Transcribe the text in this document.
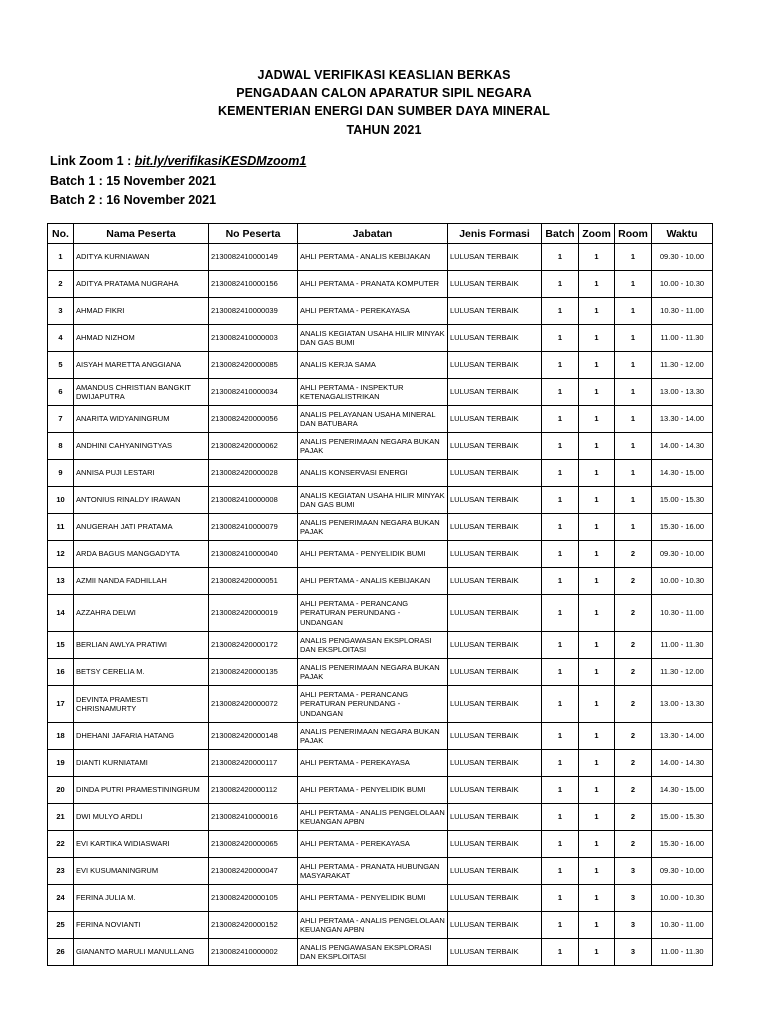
JADWAL VERIFIKASI KEASLIAN BERKAS
PENGADAAN CALON APARATUR SIPIL NEGARA
KEMENTERIAN ENERGI DAN SUMBER DAYA MINERAL
TAHUN 2021
Link Zoom 1 : bit.ly/verifikasiKESDMzoom1
Batch 1 : 15 November 2021
Batch 2 : 16 November 2021
No.	Nama Peserta	No Peserta	Jabatan	Jenis Formasi	Batch	Zoom	Room	Waktu
1	ADITYA KURNIAWAN	2130082410000149	AHLI PERTAMA - ANALIS KEBIJAKAN	LULUSAN TERBAIK	1	1	1	09.30 - 10.00
2	ADITYA PRATAMA NUGRAHA	2130082410000156	AHLI PERTAMA - PRANATA KOMPUTER	LULUSAN TERBAIK	1	1	1	10.00 - 10.30
3	AHMAD FIKRI	2130082410000039	AHLI PERTAMA - PEREKAYASA	LULUSAN TERBAIK	1	1	1	10.30 - 11.00
4	AHMAD NIZHOM	2130082410000003	ANALIS KEGIATAN USAHA HILIR MINYAK DAN GAS BUMI	LULUSAN TERBAIK	1	1	1	11.00 - 11.30
5	AISYAH MARETTA ANGGIANA	2130082420000085	ANALIS KERJA SAMA	LULUSAN TERBAIK	1	1	1	11.30 - 12.00
6	AMANDUS CHRISTIAN BANGKIT DWIJAPUTRA	2130082410000034	AHLI PERTAMA - INSPEKTUR KETENAGALISTRIKAN	LULUSAN TERBAIK	1	1	1	13.00 - 13.30
7	ANARITA WIDYANINGRUM	2130082420000056	ANALIS PELAYANAN USAHA MINERAL DAN BATUBARA	LULUSAN TERBAIK	1	1	1	13.30 - 14.00
8	ANDHINI CAHYANINGTYAS	2130082420000062	ANALIS PENERIMAAN NEGARA BUKAN PAJAK	LULUSAN TERBAIK	1	1	1	14.00 - 14.30
9	ANNISA PUJI LESTARI	2130082420000028	ANALIS KONSERVASI ENERGI	LULUSAN TERBAIK	1	1	1	14.30 - 15.00
10	ANTONIUS RINALDY IRAWAN	2130082410000008	ANALIS KEGIATAN USAHA HILIR MINYAK DAN GAS BUMI	LULUSAN TERBAIK	1	1	1	15.00 - 15.30
11	ANUGERAH JATI PRATAMA	2130082410000079	ANALIS PENERIMAAN NEGARA BUKAN PAJAK	LULUSAN TERBAIK	1	1	1	15.30 - 16.00
12	ARDA BAGUS MANGGADYTA	2130082410000040	AHLI PERTAMA - PENYELIDIK BUMI	LULUSAN TERBAIK	1	1	2	09.30 - 10.00
13	AZMII NANDA FADHILLAH	2130082420000051	AHLI PERTAMA - ANALIS KEBIJAKAN	LULUSAN TERBAIK	1	1	2	10.00 - 10.30
14	AZZAHRA DELWI	2130082420000019	AHLI PERTAMA - PERANCANG PERATURAN PERUNDANG - UNDANGAN	LULUSAN TERBAIK	1	1	2	10.30 - 11.00
15	BERLIAN AWLYA PRATIWI	2130082420000172	ANALIS PENGAWASAN EKSPLORASI DAN EKSPLOITASI	LULUSAN TERBAIK	1	1	2	11.00 - 11.30
16	BETSY CERELIA M.	2130082420000135	ANALIS PENERIMAAN NEGARA BUKAN PAJAK	LULUSAN TERBAIK	1	1	2	11.30 - 12.00
17	DEVINTA PRAMESTI CHRISNAMURTY	2130082420000072	AHLI PERTAMA - PERANCANG PERATURAN PERUNDANG - UNDANGAN	LULUSAN TERBAIK	1	1	2	13.00 - 13.30
18	DHEHANI JAFARIA HATANG	2130082420000148	ANALIS PENERIMAAN NEGARA BUKAN PAJAK	LULUSAN TERBAIK	1	1	2	13.30 - 14.00
19	DIANTI KURNIATAMI	2130082420000117	AHLI PERTAMA - PEREKAYASA	LULUSAN TERBAIK	1	1	2	14.00 - 14.30
20	DINDA PUTRI PRAMESTININGRUM	2130082420000112	AHLI PERTAMA - PENYELIDIK BUMI	LULUSAN TERBAIK	1	1	2	14.30 - 15.00
21	DWI MULYO ARDLI	2130082410000016	AHLI PERTAMA - ANALIS PENGELOLAAN KEUANGAN APBN	LULUSAN TERBAIK	1	1	2	15.00 - 15.30
22	EVI KARTIKA WIDIASWARI	2130082420000065	AHLI PERTAMA - PEREKAYASA	LULUSAN TERBAIK	1	1	2	15.30 - 16.00
23	EVI KUSUMANINGRUM	2130082420000047	AHLI PERTAMA - PRANATA HUBUNGAN MASYARAKAT	LULUSAN TERBAIK	1	1	3	09.30 - 10.00
24	FERINA JULIA M.	2130082420000105	AHLI PERTAMA - PENYELIDIK BUMI	LULUSAN TERBAIK	1	1	3	10.00 - 10.30
25	FERINA NOVIANTI	2130082420000152	AHLI PERTAMA - ANALIS PENGELOLAAN KEUANGAN APBN	LULUSAN TERBAIK	1	1	3	10.30 - 11.00
26	GIANANTO MARULI MANULLANG	2130082410000002	ANALIS PENGAWASAN EKSPLORASI DAN EKSPLOITASI	LULUSAN TERBAIK	1	1	3	11.00 - 11.30
